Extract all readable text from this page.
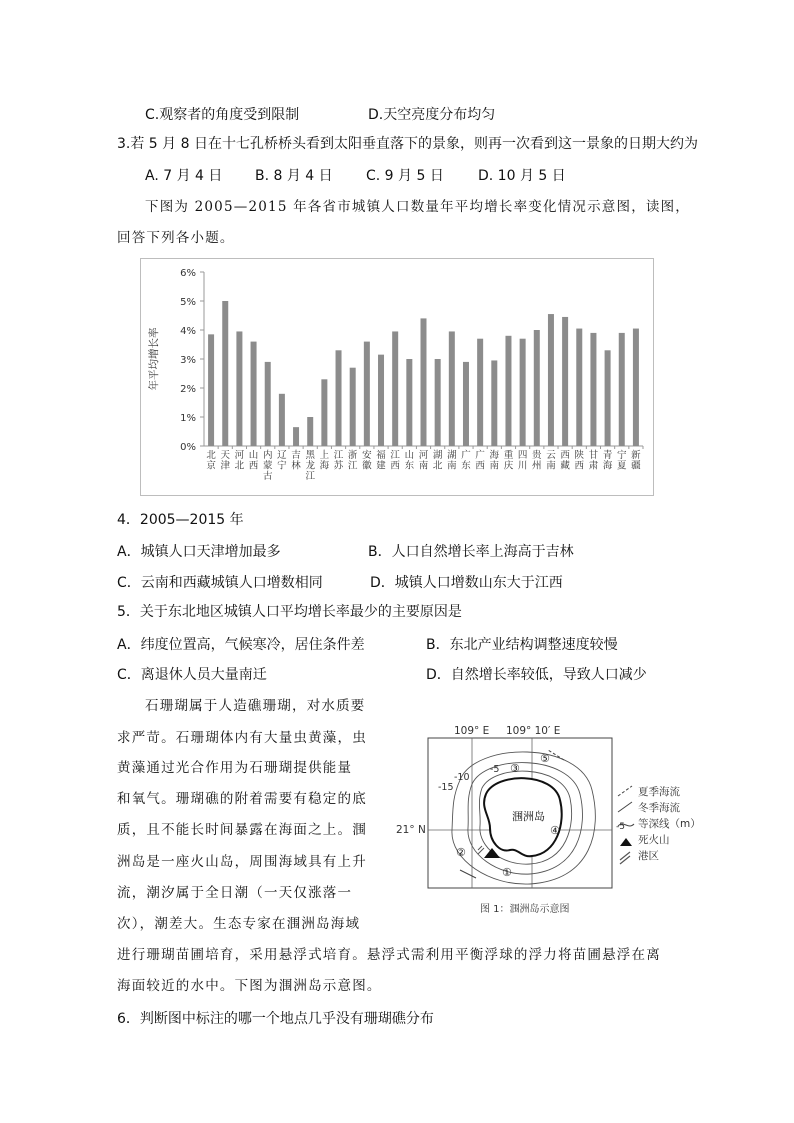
C.观察者的角度受到限制	D.天空亮度分布均匀
3.若 5 月 8 日在十七孔桥桥头看到太阳垂直落下的景象，则再一次看到这一景象的日期大约为
A. 7 月 4 日 B. 8 月 4 日 C. 9 月 5 日 D. 10 月 5 日
下图为 2005—2015 年各省市城镇人口数量年平均增长率变化情况示意图，读图，
回答下列各小题。
0%
1%
2%
3%
4%
5%
6%
年平均增长率
北京
天津
河北
山西
内蒙古
辽宁
吉林
黑龙江
上海
江苏
浙江
安徽
福建
江西
山东
河南
湖北
湖南
广东
广西
海南
重庆
四川
贵州
云南
西藏
陕西
甘肃
青海
宁夏
新疆
4．2005—2015 年
A．城镇人口天津增加最多	B．人口自然增长率上海高于吉林
C．云南和西藏城镇人口增数相同	D．城镇人口增数山东大于江西
5．关于东北地区城镇人口平均增长率最少的主要原因是
A．纬度位置高，气候寒冷，居住条件差	B．东北产业结构调整速度较慢
C．离退休人员大量南迁	D．自然增长率较低，导致人口减少
石珊瑚属于人造礁珊瑚，对水质要
求严苛。石珊瑚体内有大量虫黄藻，虫
黄藻通过光合作用为石珊瑚提供能量
和氧气。珊瑚礁的附着需要有稳定的底
质，且不能长时间暴露在海面之上。涠
洲岛是一座火山岛，周围海域具有上升
流，潮汐属于全日潮（一天仅涨落一
次），潮差大。生态专家在涠洲岛海域
进行珊瑚苗圃培育，采用悬浮式培育。悬浮式需利用平衡浮球的浮力将苗圃悬浮在离
海面较近的水中。下图为涠洲岛示意图。
109° E 109° 10′ E
21° N
涠洲岛
-15
-10
-5 ③
④
②
①
⑤
图 1：涠洲岛示意图
夏季海流
冬季海流
等深线（m）
-5
死火山
港区
6．判断图中标注的哪一个地点几乎没有珊瑚礁分布
